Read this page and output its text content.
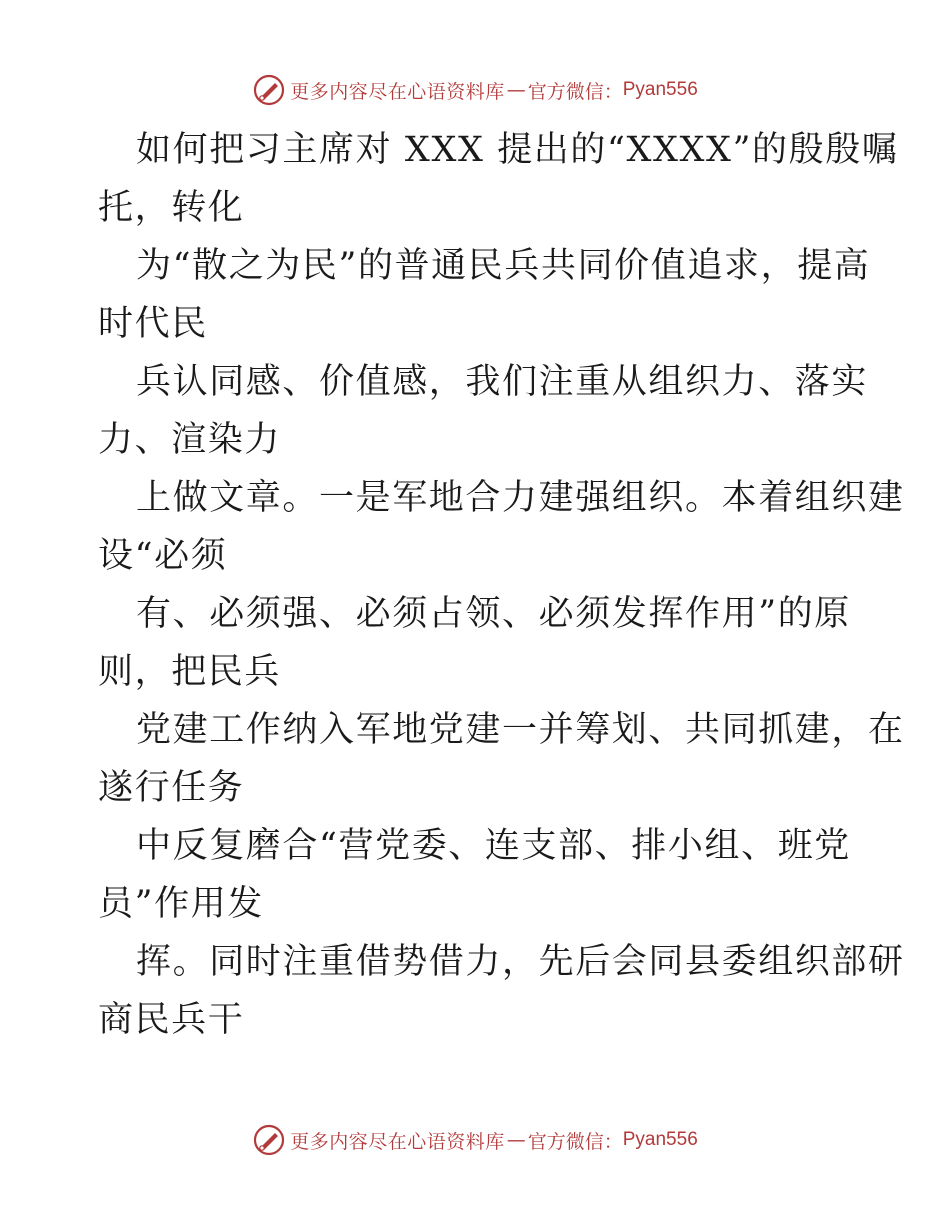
更多内容尽在心语资料库 — 官方微信： Pyan556
如何把习主席对 XXX 提出的“XXXX”的殷殷嘱
托，转化
为“散之为民”的普通民兵共同价值追求，提高
时代民
兵认同感、价值感，我们注重从组织力、落实
力、渲染力
上做文章。一是军地合力建强组织。本着组织建
设“必须
有、必须强、必须占领、必须发挥作用”的原
则，把民兵
党建工作纳入军地党建一并筹划、共同抓建，在
遂行任务
中反复磨合“营党委、连支部、排小组、班党
员”作用发
挥。同时注重借势借力，先后会同县委组织部研
商民兵干
更多内容尽在心语资料库 — 官方微信： Pyan556
